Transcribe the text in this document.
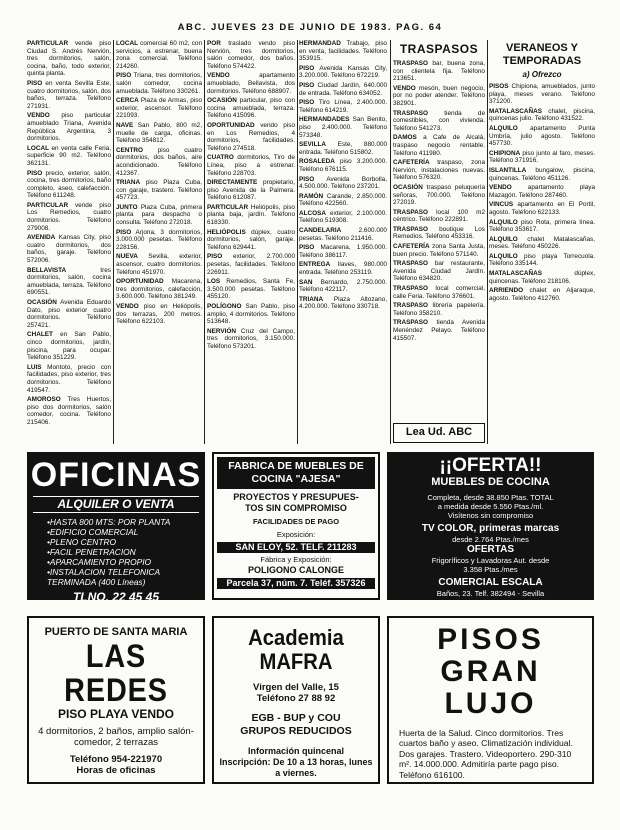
ABC. JUEVES 23 DE JUNIO DE 1983. PAG. 64

PARTICULAR vende piso Ciudad S. Andrés Nervión, tres dormitorios, salón, cocina, baño, todo exterior, quinta planta.

PISO en venta Sevilla Este, cuatro dormitorios, salón, dos baños, terraza. Teléfono 271931.

VENDO piso particular amueblado Triana, Avenida República Argentina, 3 dormitorios.

LOCAL en venta calle Feria, superficie 90 m2. Teléfono 362131.

PISO precio, exterior, salón, cocina, tres dormitorios, baño completo, aseo, calefacción. Teléfono 611248.

PARTICULAR vende piso Los Remedios, cuatro dormitorios. Teléfono 279008.

AVENIDA Kansas City, piso cuatro dormitorios, dos baños, garaje. Teléfono 572006.

BELLAVISTA tres dormitorios, salón, cocina amueblada, terraza. Teléfono 690551.

OCASIÓN Avenida Eduardo Dato, piso exterior cuatro dormitorios. Teléfono 257421.

CHALET en San Pablo, cinco dormitorios, jardín, piscina, para ocupar. Teléfono 351229.

LUIS Montoto, precio con facilidades, piso exterior, tres dormitorios. Teléfono 419547.

AMOROSO Tres Huertos, piso dos dormitorios, salón comedor, cocina. Teléfono 215406.

LOCAL comercial 60 m2, con servicios, a estrenar, buena zona comercial. Teléfono 214260.

PISO Triana, tres dormitorios, salón comedor, cocina amueblada. Teléfono 330261.

CERCA Plaza de Armas, piso exterior, ascensor. Teléfono 221093.

NAVE San Pablo, 800 m2, muelle de carga, oficinas. Teléfono 354812.

CENTRO piso cuatro dormitorios, dos baños, aire acondicionado. Teléfono 412367.

TRIANA piso Plaza Cuba, con garaje, trastero. Teléfono 457723.

JUNTO Plaza Cuba, primera planta para despacho o consulta. Teléfono 272018.

PISO Arjona, 3 dormitorios, 3.000.000 pesetas. Teléfono 228156.

NUEVA Sevilla, exterior, ascensor, cuatro dormitorios. Teléfono 451970.

OPORTUNIDAD Macarena, tres dormitorios, calefacción, 3.600.000. Teléfono 381249.

VENDO piso en Heliópolis, dos terrazas, 200 metros. Teléfono 622103.

POR traslado vendo piso Nervión, tres dormitorios, salón comedor, dos baños. Teléfono 574422.

VENDO apartamento amueblado, Bellavista, dos dormitorios. Teléfono 688907.

OCASIÓN particular, piso con cocina amueblada, terraza. Teléfono 415096.

OPORTUNIDAD vendo piso en Los Remedios, 4 dormitorios, facilidades. Teléfono 274518.

CUATRO dormitorios, Tiro de Línea, piso a estrenar. Teléfono 228703.

DIRECTAMENTE propietario, piso Avenida de la Palmera. Teléfono 612087.

PARTICULAR Heliópolis, piso planta baja, jardín. Teléfono 618330.

HELIÓPOLIS dúplex, cuatro dormitorios, salón, garaje. Teléfono 629441.

PISO exterior, 2.700.000 pesetas, facilidades. Teléfono 226911.

LOS Remedios, Santa Fe, 3.500.000 pesetas. Teléfono 455120.

POLÍGONO San Pablo, piso amplio, 4 dormitorios. Teléfono 513648.

NERVIÓN Cruz del Campo, tres dormitorios, 3.150.000. Teléfono 573201.

HERMANDAD Trabajo, piso en venta, facilidades. Teléfono 353915.

PISO Avenida Kansas City, 3.200.000. Teléfono 672219.

PISO Ciudad Jardín, 640.000 de entrada. Teléfono 634052.

PISO Tiro Línea, 2.400.000. Teléfono 614219.

HERMANDADES San Benito, piso 2.400.000. Teléfono 573348.

SEVILLA Este, 880.000 entrada. Teléfono 515802.

ROSALEDA piso 3.200.000. Teléfono 676115.

PISO Avenida Borbolla, 4.500.000. Teléfono 237201.

RAMÓN Carande, 2.850.000. Teléfono 422560.

ALCOSA exterior, 2.100.000. Teléfono 519308.

CANDELARIA 2.600.000 pesetas. Teléfono 211416.

PISO Macarena, 1.950.000. Teléfono 386117.

ENTREGA llaves, 980.000 entrada. Teléfono 253119.

SAN Bernardo, 2.750.000. Teléfono 422117.

TRIANA Plaza Altozano, 4.200.000. Teléfono 330718.

TRASPASOS

TRASPASO bar, buena zona, con clientela fija. Teléfono 213651.

VENDO mesón, buen negocio, por no poder atender. Teléfono 382901.

TRASPASO tienda de comestibles, con vivienda. Teléfono 541273.

DAMOS a Cafe de Alcalá, traspaso negocio rentable. Teléfono 411980.

CAFETERÍA traspaso, zona Nervión, instalaciones nuevas. Teléfono 576320.

OCASIÓN traspaso peluquería señoras, 700.000. Teléfono 272019.

TRASPASO local 100 m2 céntrico. Teléfono 222891.

TRASPASO boutique Los Remedios. Teléfono 453316.

CAFETERÍA zona Santa Justa, buen precio. Teléfono 571140.

TRASPASO bar restaurante, Avenida Ciudad Jardín. Teléfono 634820.

TRASPASO local comercial, calle Feria. Teléfono 376601.

TRASPASO librería papelería. Teléfono 358210.

TRASPASO tienda Avenida Menéndez Pelayo. Teléfono 415507.

VERANEOS Y TEMPORADAS
a) Ofrezco

PISOS Chipiona, amueblados, junto playa, meses verano. Teléfono 371200.

MATALASCAÑAS chalet, piscina, quincenas julio. Teléfono 431522.

ALQUILO apartamento Punta Umbría, julio agosto. Teléfono 457730.

CHIPIONA piso junto al faro, meses. Teléfono 371916.

ISLANTILLA bungalow, piscina, quincenas. Teléfono 451126.

VENDO apartamento playa Mazagón. Teléfono 287460.

VINCUS apartamento en El Portil, agosto. Teléfono 622133.

ALQUILO piso Rota, primera línea. Teléfono 353617.

ALQUILO chalet Matalascañas, meses. Teléfono 450226.

ALQUILO piso playa Torrecuola. Teléfono 335144.

MATALASCAÑAS dúplex, quincenas. Teléfono 218106.

ARRIENDO chalet en Aljaraque, agosto. Teléfono 412760.

Lea Ud. ABC
OFICINAS
ALQUILER O VENTA
•HASTA 800 MTS: POR PLANTA
•EDIFICIO COMERCIAL
•PLENO CENTRO
•FACIL PENETRACION
•APARCAMIENTO PROPIO
•INSTALACION TELEFONICA
TERMINADA (400 Líneas)
TLNO. 22 45 45
FABRICA DE MUEBLES DE COCINA "AJESA"
PROYECTOS Y PRESUPUES-
TOS SIN COMPROMISO
FACILIDADES DE PAGO
Exposición:
SAN ELOY, 52. TELF. 211283
Fábrica y Exposición:
POLIGONO CALONGE
Parcela 37, núm. 7. Teléf. 357326
¡¡OFERTA!!
MUEBLES DE COCINA
Completa, desde 38.850 Ptas. TOTAL
a medida desde 5.550 Ptas./ml.
Visítenos sin compromiso
TV COLOR, primeras marcas
desde 2.764 Ptas./mes
OFERTAS
Frigoríficos y Lavadoras Aut. desde
3.358 Ptas./mes
COMERCIAL ESCALA
Baños, 23. Telf. 382494 - Sevilla
PUERTO DE SANTA MARIA
LAS REDES
PISO PLAYA VENDO
4 dormitorios, 2 baños, amplio salón-comedor, 2 terrazas
Teléfono 954-221970
Horas de oficinas
Academia MAFRA
Virgen del Valle, 15
Teléfono 27 88 92
EGB - BUP y COU
GRUPOS REDUCIDOS
Información quincenal
Inscripción: De 10 a 13 horas, lunes
a viernes.
PISOS
GRAN LUJO
Huerta de la Salud. Cinco dormitorios. Tres cuartos baño y aseo. Climatización individual. Dos garajes. Trastero. Videoportero. 290-310 m². 14.000.000. Admitiría parte pago piso. Teléfono 616100.
